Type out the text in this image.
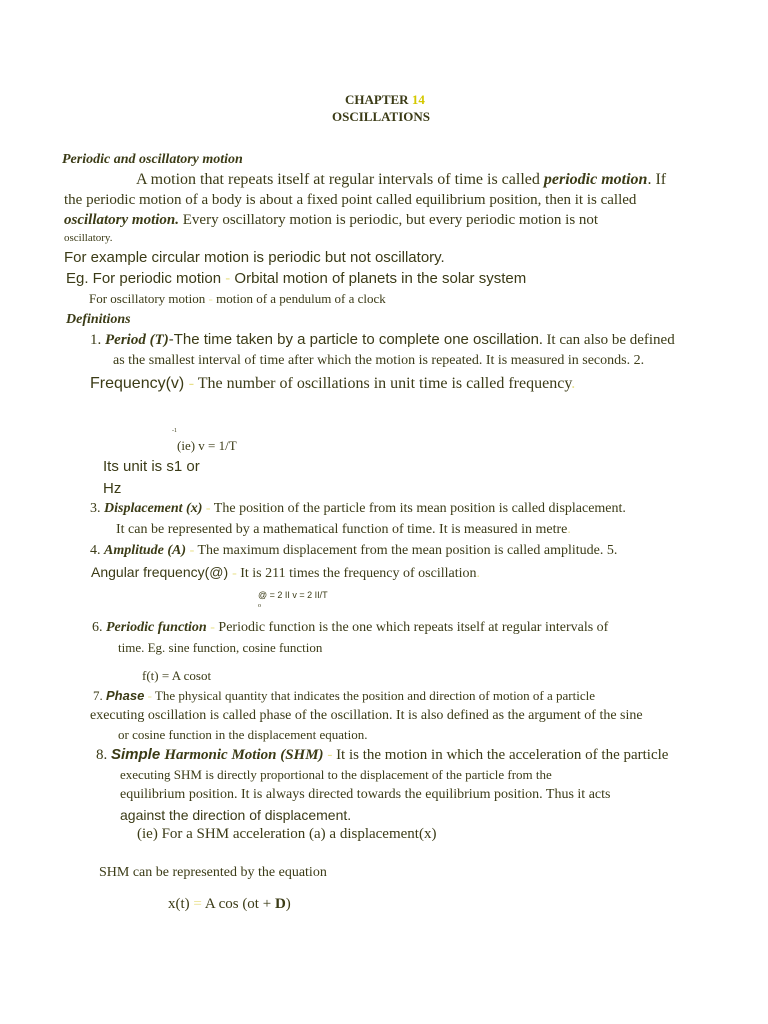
CHAPTER 14
OSCILLATIONS
Periodic and oscillatory motion
A motion that repeats itself at regular intervals of time is called periodic motion. If
the periodic motion of a body is about a fixed point called equilibrium position, then it is called
oscillatory motion. Every oscillatory motion is periodic, but every periodic motion is not
oscillatory.
For example circular motion is periodic but not oscillatory.
Eg. For periodic motion - Orbital motion of planets in the solar system
For oscillatory motion - motion of a pendulum of a clock
Definitions
1. Period (T)-The time taken by a particle to complete one oscillation. It can also be defined
as the smallest interval of time after which the motion is repeated. It is measured in seconds. 2.
Frequency(v) - The number of oscillations in unit time is called frequency.
-1
(ie) v = 1/T
Its unit is s1 or
Hz
3. Displacement (x) - The position of the particle from its mean position is called displacement.
It can be represented by a mathematical function of time. It is measured in metre.
4. Amplitude (A) - The maximum displacement from the mean position is called amplitude. 5.
Angular frequency(@) - It is 211 times the frequency of oscillation.
@ = 2 II v = 2 II/T
o
6. Periodic function - Periodic function is the one which repeats itself at regular intervals of
time. Eg. sine function, cosine function
f(t) = A cosot
7. Phase - The physical quantity that indicates the position and direction of motion of a particle
executing oscillation is called phase of the oscillation. It is also defined as the argument of the sine
or cosine function in the displacement equation.
8. Simple Harmonic Motion (SHM) - It is the motion in which the acceleration of the particle
executing SHM is directly proportional to the displacement of the particle from the
equilibrium position. It is always directed towards the equilibrium position. Thus it acts
against the direction of displacement.
(ie) For a SHM acceleration (a) a displacement(x)
SHM can be represented by the equation
x(t) = A cos (ot + D)
